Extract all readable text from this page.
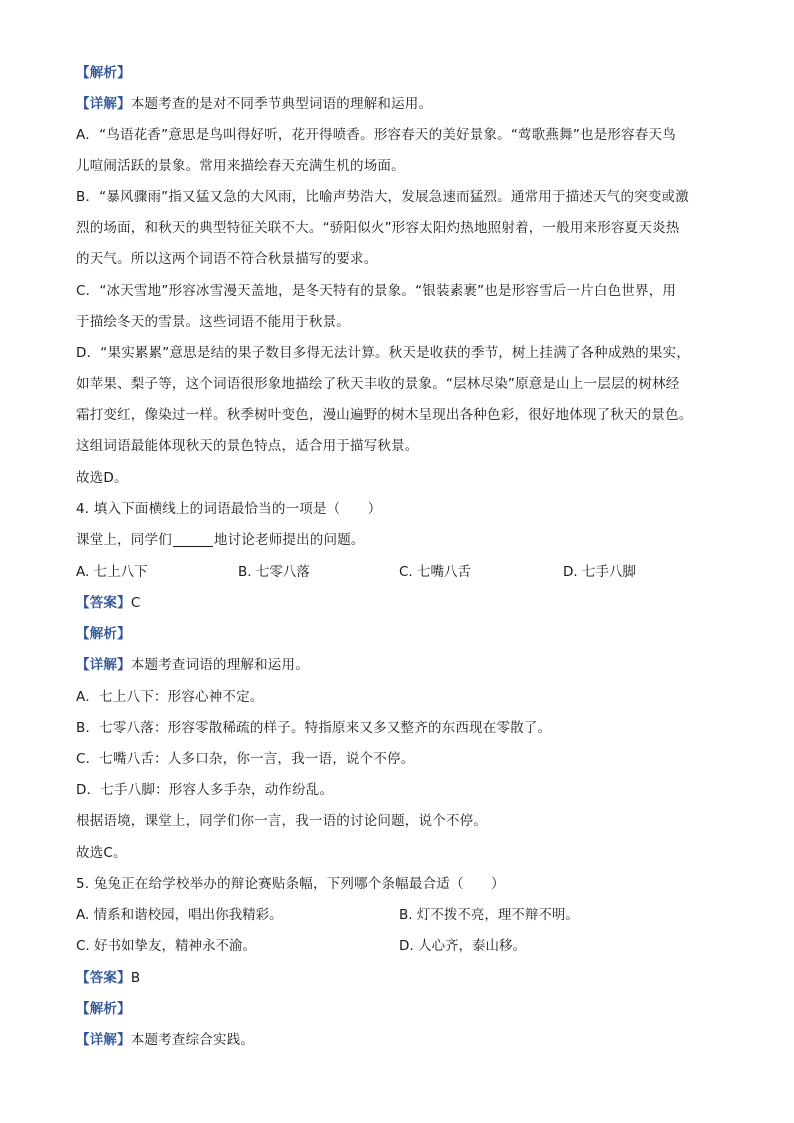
【解析】
【详解】本题考查的是对不同季节典型词语的理解和运用。
A．“鸟语花香”意思是鸟叫得好听，花开得喷香。形容春天的美好景象。“莺歌燕舞”也是形容春天鸟
儿喧闹活跃的景象。常用来描绘春天充满生机的场面。
B．“暴风骤雨”指又猛又急的大风雨，比喻声势浩大，发展急速而猛烈。通常用于描述天气的突变或激
烈的场面，和秋天的典型特征关联不大。“骄阳似火”形容太阳灼热地照射着，一般用来形容夏天炎热
的天气。所以这两个词语不符合秋景描写的要求。
C．“冰天雪地”形容冰雪漫天盖地，是冬天特有的景象。“银装素裹”也是形容雪后一片白色世界，用
于描绘冬天的雪景。这些词语不能用于秋景。
D．“果实累累”意思是结的果子数目多得无法计算。秋天是收获的季节，树上挂满了各种成熟的果实，
如苹果、梨子等，这个词语很形象地描绘了秋天丰收的景象。“层林尽染”原意是山上一层层的树林经
霜打变红，像染过一样。秋季树叶变色，漫山遍野的树木呈现出各种色彩，很好地体现了秋天的景色。
这组词语最能体现秋天的景色特点，适合用于描写秋景。
故选D。
4. 填入下面横线上的词语最恰当的一项是（　　）
课堂上，同学们	地讨论老师提出的问题。
A. 七上八下	B. 七零八落	C. 七嘴八舌	D. 七手八脚
【答案】C
【解析】
【详解】本题考查词语的理解和运用。
A．七上八下：形容心神不定。
B．七零八落：形容零散稀疏的样子。特指原来又多又整齐的东西现在零散了。
C．七嘴八舌：人多口杂，你一言，我一语，说个不停。
D．七手八脚：形容人多手杂，动作纷乱。
根据语境，课堂上，同学们你一言，我一语的讨论问题，说个不停。
故选C。
5. 兔兔正在给学校举办的辩论赛贴条幅，下列哪个条幅最合适（　　）
A. 情系和谐校园，唱出你我精彩。	B. 灯不拨不亮，理不辩不明。
C. 好书如挚友，精神永不渝。	D. 人心齐，泰山移。
【答案】B
【解析】
【详解】本题考查综合实践。
